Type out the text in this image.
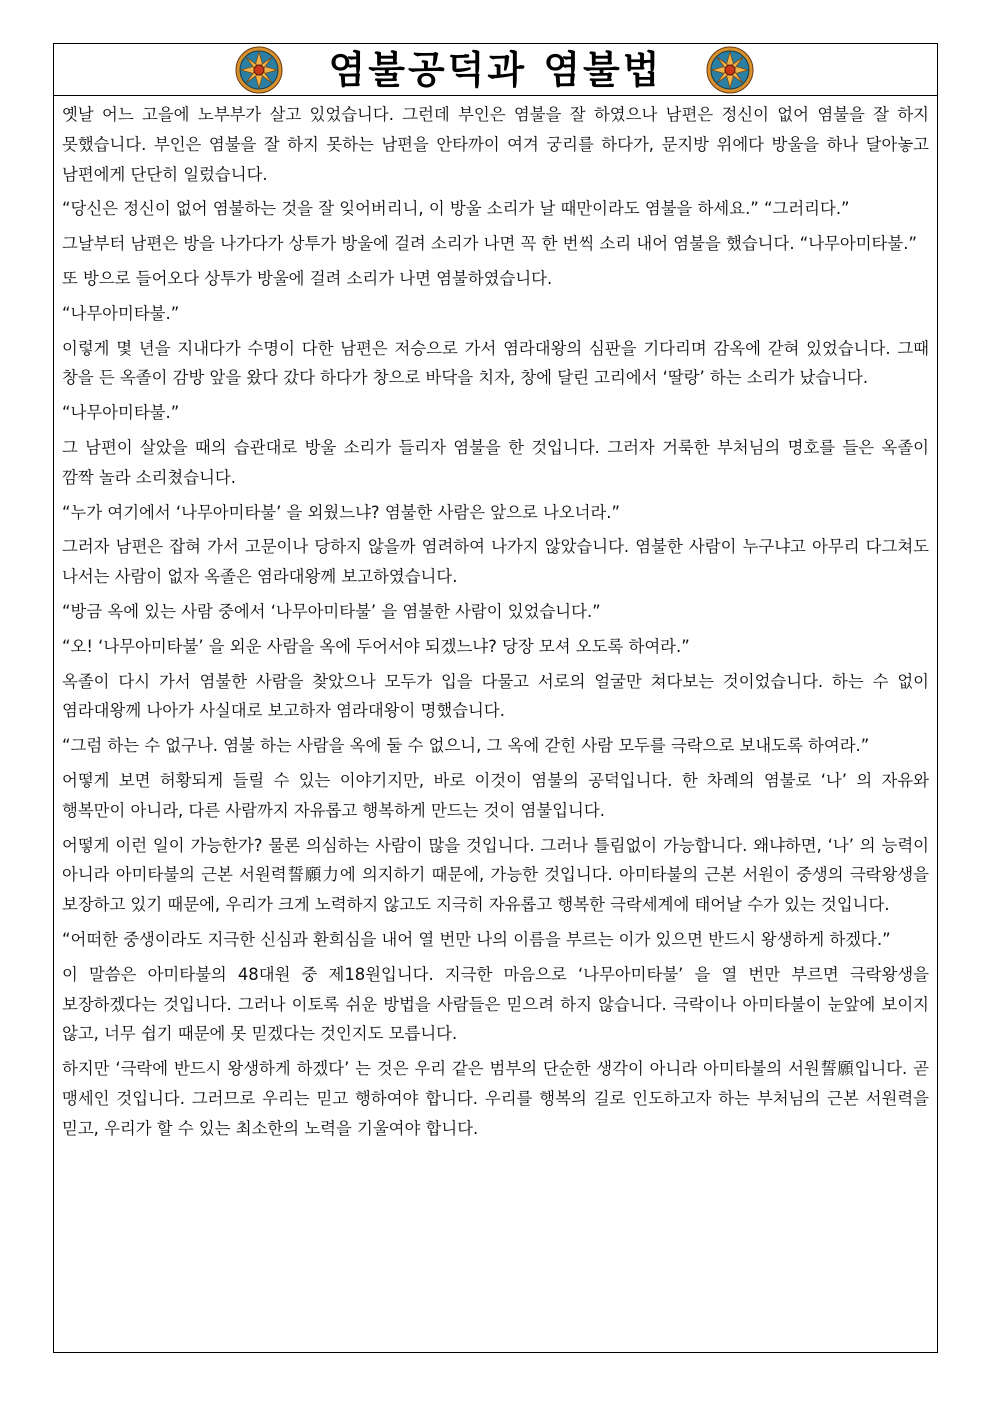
염불공덕과 염불법

옛날 어느 고을에 노부부가 살고 있었습니다. 그런데 부인은 염불을 잘 하였으나 남편은 정신이 없어 염불을 잘 하지 못했습니다. 부인은 염불을 잘 하지 못하는 남편을 안타까이 여겨 궁리를 하다가, 문지방 위에다 방울을 하나 달아놓고 남편에게 단단히 일렀습니다.

“당신은 정신이 없어 염불하는 것을 잘 잊어버리니, 이 방울 소리가 날 때만이라도 염불을 하세요.” “그러리다.”

그날부터 남편은 방을 나가다가 상투가 방울에 걸려 소리가 나면 꼭 한 번씩 소리 내어 염불을 했습니다. “나무아미타불.”

또 방으로 들어오다 상투가 방울에 걸려 소리가 나면 염불하였습니다.

“나무아미타불.”

이렇게 몇 년을 지내다가 수명이 다한 남편은 저승으로 가서 염라대왕의 심판을 기다리며 감옥에 갇혀 있었습니다. 그때 창을 든 옥졸이 감방 앞을 왔다 갔다 하다가 창으로 바닥을 치자, 창에 달린 고리에서 ‘딸랑’ 하는 소리가 났습니다.

“나무아미타불.”

그 남편이 살았을 때의 습관대로 방울 소리가 들리자 염불을 한 것입니다. 그러자 거룩한 부처님의 명호를 들은 옥졸이 깜짝 놀라 소리쳤습니다.

“누가 여기에서 ‘나무아미타불’ 을 외웠느냐? 염불한 사람은 앞으로 나오너라.”

그러자 남편은 잡혀 가서 고문이나 당하지 않을까 염려하여 나가지 않았습니다. 염불한 사람이 누구냐고 아무리 다그쳐도 나서는 사람이 없자 옥졸은 염라대왕께 보고하였습니다.

“방금 옥에 있는 사람 중에서 ‘나무아미타불’ 을 염불한 사람이 있었습니다.”

“오! ‘나무아미타불’ 을 외운 사람을 옥에 두어서야 되겠느냐? 당장 모셔 오도록 하여라.”

옥졸이 다시 가서 염불한 사람을 찾았으나 모두가 입을 다물고 서로의 얼굴만 쳐다보는 것이었습니다. 하는 수 없이 염라대왕께 나아가 사실대로 보고하자 염라대왕이 명했습니다.

“그럼 하는 수 없구나. 염불 하는 사람을 옥에 둘 수 없으니, 그 옥에 갇힌 사람 모두를 극락으로 보내도록 하여라.”

어떻게 보면 허황되게 들릴 수 있는 이야기지만, 바로 이것이 염불의 공덕입니다. 한 차례의 염불로 ‘나’ 의 자유와 행복만이 아니라, 다른 사람까지 자유롭고 행복하게 만드는 것이 염불입니다.

어떻게 이런 일이 가능한가? 물론 의심하는 사람이 많을 것입니다. 그러나 틀림없이 가능합니다. 왜냐하면, ‘나’ 의 능력이 아니라 아미타불의 근본 서원력誓願力에 의지하기 때문에, 가능한 것입니다. 아미타불의 근본 서원이 중생의 극락왕생을 보장하고 있기 때문에, 우리가 크게 노력하지 않고도 지극히 자유롭고 행복한 극락세계에 태어날 수가 있는 것입니다.

“어떠한 중생이라도 지극한 신심과 환희심을 내어 열 번만 나의 이름을 부르는 이가 있으면 반드시 왕생하게 하겠다.”

이 말씀은 아미타불의 48대원 중 제18원입니다. 지극한 마음으로 ‘나무아미타불’ 을 열 번만 부르면 극락왕생을 보장하겠다는 것입니다. 그러나 이토록 쉬운 방법을 사람들은 믿으려 하지 않습니다. 극락이나 아미타불이 눈앞에 보이지 않고, 너무 쉽기 때문에 못 믿겠다는 것인지도 모릅니다.

하지만 ‘극락에 반드시 왕생하게 하겠다’ 는 것은 우리 같은 범부의 단순한 생각이 아니라 아미타불의 서원誓願입니다. 곧 맹세인 것입니다. 그러므로 우리는 믿고 행하여야 합니다. 우리를 행복의 길로 인도하고자 하는 부처님의 근본 서원력을 믿고, 우리가 할 수 있는 최소한의 노력을 기울여야 합니다.
